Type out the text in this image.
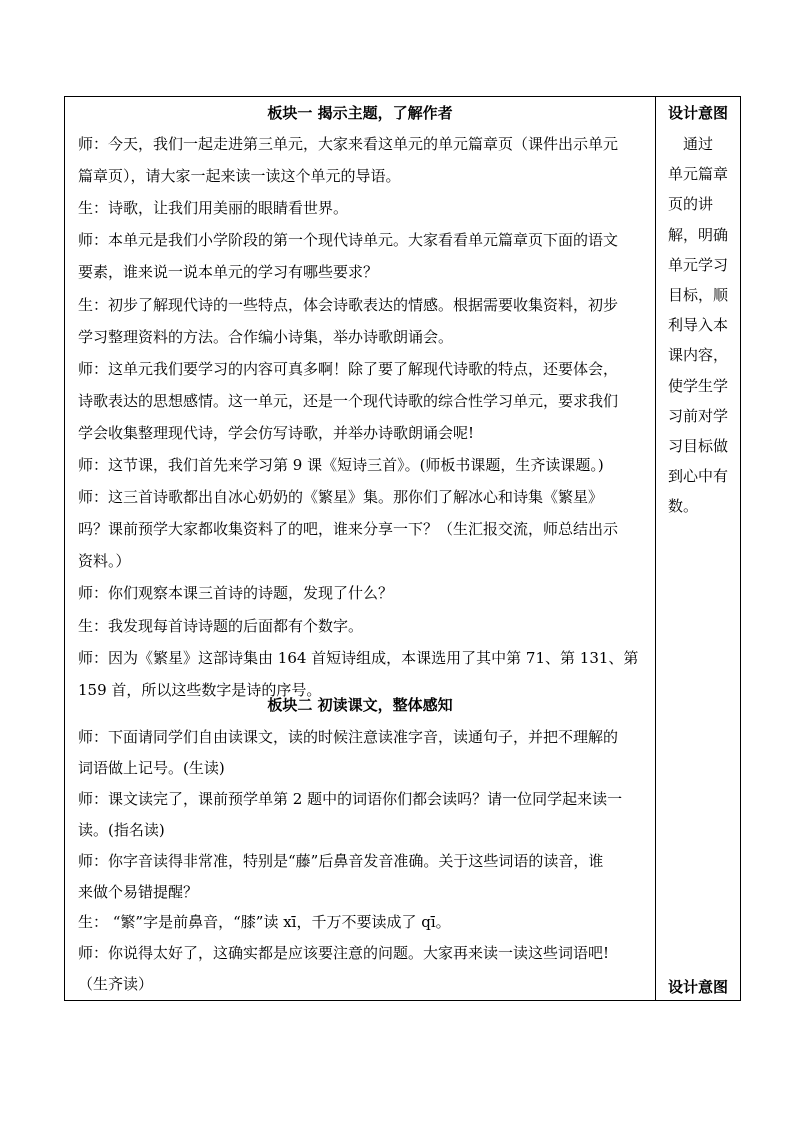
板块一 揭示主题，了解作者
师：今天，我们一起走进第三单元，大家来看这单元的单元篇章页（课件出示单元
篇章页），请大家一起来读一读这个单元的导语。
生：诗歌，让我们用美丽的眼睛看世界。
师：本单元是我们小学阶段的第一个现代诗单元。大家看看单元篇章页下面的语文
要素，谁来说一说本单元的学习有哪些要求？
生：初步了解现代诗的一些特点，体会诗歌表达的情感。根据需要收集资料，初步
学习整理资料的方法。合作编小诗集，举办诗歌朗诵会。
师：这单元我们要学习的内容可真多啊！除了要了解现代诗歌的特点，还要体会，
诗歌表达的思想感情。这一单元，还是一个现代诗歌的综合性学习单元，要求我们
学会收集整理现代诗，学会仿写诗歌，并举办诗歌朗诵会呢!
师：这节课，我们首先来学习第 9 课《短诗三首》。(师板书课题，生齐读课题。)
师：这三首诗歌都出自冰心奶奶的《繁星》集。那你们了解冰心和诗集《繁星》
吗？课前预学大家都收集资料了的吧，谁来分享一下？（生汇报交流，师总结出示
资料。）
师：你们观察本课三首诗的诗题，发现了什么？
生：我发现每首诗诗题的后面都有个数字。
师：因为《繁星》这部诗集由 164 首短诗组成，本课选用了其中第 71、第 131、第
159 首，所以这些数字是诗的序号。
板块二 初读课文，整体感知
师：下面请同学们自由读课文，读的时候注意读准字音，读通句子，并把不理解的
词语做上记号。(生读)
师：课文读完了，课前预学单第 2 题中的词语你们都会读吗？请一位同学起来读一
读。(指名读)
师：你字音读得非常准，特别是“藤”后鼻音发音准确。关于这些词语的读音，谁
来做个易错提醒？
生： “繁”字是前鼻音，“膝”读 xī，千万不要读成了 qī。
师：你说得太好了，这确实都是应该要注意的问题。大家再来读一读这些词语吧!
（生齐读）
设计意图
　通过
单元篇章
页的讲
解，明确
单元学习
目标，顺
利导入本
课内容，
使学生学
习前对学
习目标做
到心中有
数。
设计意图
